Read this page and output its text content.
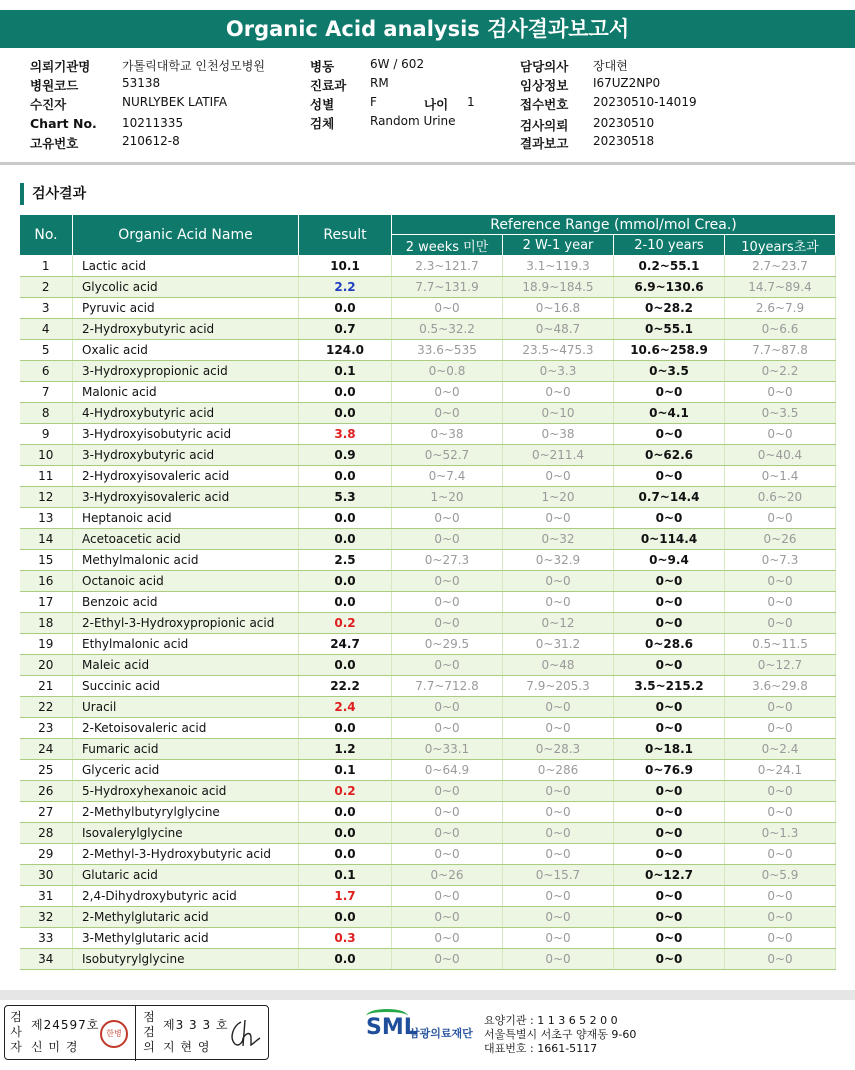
Organic Acid analysis 검사결과보고서
의뢰기관명	가톨릭대학교 인천성모병원
병원코드	53138
수진자	NURLYBEK LATIFA
Chart No. 10211335
고유번호	210612-8
병동	6W / 602
진료과 RM
성별	F	나이 1
검체	Random Urine
담당의사 장대현
임상정보 I67UZ2NP0
접수번호 20230510-14019
검사의뢰 20230510
결과보고 20230518
검사결과
No.	Organic Acid Name	Result	Reference Range (mmol/mol Crea.)			
			2 weeks 미만	2 W-1 year	2-10 years	10years초과
1	Lactic acid	10.1	2.3~121.7	3.1~119.3	0.2~55.1	2.7~23.7
2	Glycolic acid	2.2	7.7~131.9	18.9~184.5	6.9~130.6	14.7~89.4
3	Pyruvic acid	0.0	0~0	0~16.8	0~28.2	2.6~7.9
4	2-Hydroxybutyric acid	0.7	0.5~32.2	0~48.7	0~55.1	0~6.6
5	Oxalic acid	124.0	33.6~535	23.5~475.3	10.6~258.9	7.7~87.8
6	3-Hydroxypropionic acid	0.1	0~0.8	0~3.3	0~3.5	0~2.2
7	Malonic acid	0.0	0~0	0~0	0~0	0~0
8	4-Hydroxybutyric acid	0.0	0~0	0~10	0~4.1	0~3.5
9	3-Hydroxyisobutyric acid	3.8	0~38	0~38	0~0	0~0
10	3-Hydroxybutyric acid	0.9	0~52.7	0~211.4	0~62.6	0~40.4
11	2-Hydroxyisovaleric acid	0.0	0~7.4	0~0	0~0	0~1.4
12	3-Hydroxyisovaleric acid	5.3	1~20	1~20	0.7~14.4	0.6~20
13	Heptanoic acid	0.0	0~0	0~0	0~0	0~0
14	Acetoacetic acid	0.0	0~0	0~32	0~114.4	0~26
15	Methylmalonic acid	2.5	0~27.3	0~32.9	0~9.4	0~7.3
16	Octanoic acid	0.0	0~0	0~0	0~0	0~0
17	Benzoic acid	0.0	0~0	0~0	0~0	0~0
18	2-Ethyl-3-Hydroxypropionic acid	0.2	0~0	0~12	0~0	0~0
19	Ethylmalonic acid	24.7	0~29.5	0~31.2	0~28.6	0.5~11.5
20	Maleic acid	0.0	0~0	0~48	0~0	0~12.7
21	Succinic acid	22.2	7.7~712.8	7.9~205.3	3.5~215.2	3.6~29.8
22	Uracil	2.4	0~0	0~0	0~0	0~0
23	2-Ketoisovaleric acid	0.0	0~0	0~0	0~0	0~0
24	Fumaric acid	1.2	0~33.1	0~28.3	0~18.1	0~2.4
25	Glyceric acid	0.1	0~64.9	0~286	0~76.9	0~24.1
26	5-Hydroxyhexanoic acid	0.2	0~0	0~0	0~0	0~0
27	2-Methylbutyrylglycine	0.0	0~0	0~0	0~0	0~0
28	Isovalerylglycine	0.0	0~0	0~0	0~0	0~1.3
29	2-Methyl-3-Hydroxybutyric acid	0.0	0~0	0~0	0~0	0~0
30	Glutaric acid	0.1	0~26	0~15.7	0~12.7	0~5.9
31	2,4-Dihydroxybutyric acid	1.7	0~0	0~0	0~0	0~0
32	2-Methylglutaric acid	0.0	0~0	0~0	0~0	0~0
33	3-Methylglutaric acid	0.3	0~0	0~0	0~0	0~0
34	Isobutyrylglycine	0.0	0~0	0~0	0~0	0~0
검
사
자
제24597호
신 미 경
한병
점
검
의
제3 3 3 호
지 현 영
SML
삼광의료재단
요양기관 : 1 1 3 6 5 2 0 0
서울특별시 서초구 양재동 9-60
대표번호 : 1661-5117
